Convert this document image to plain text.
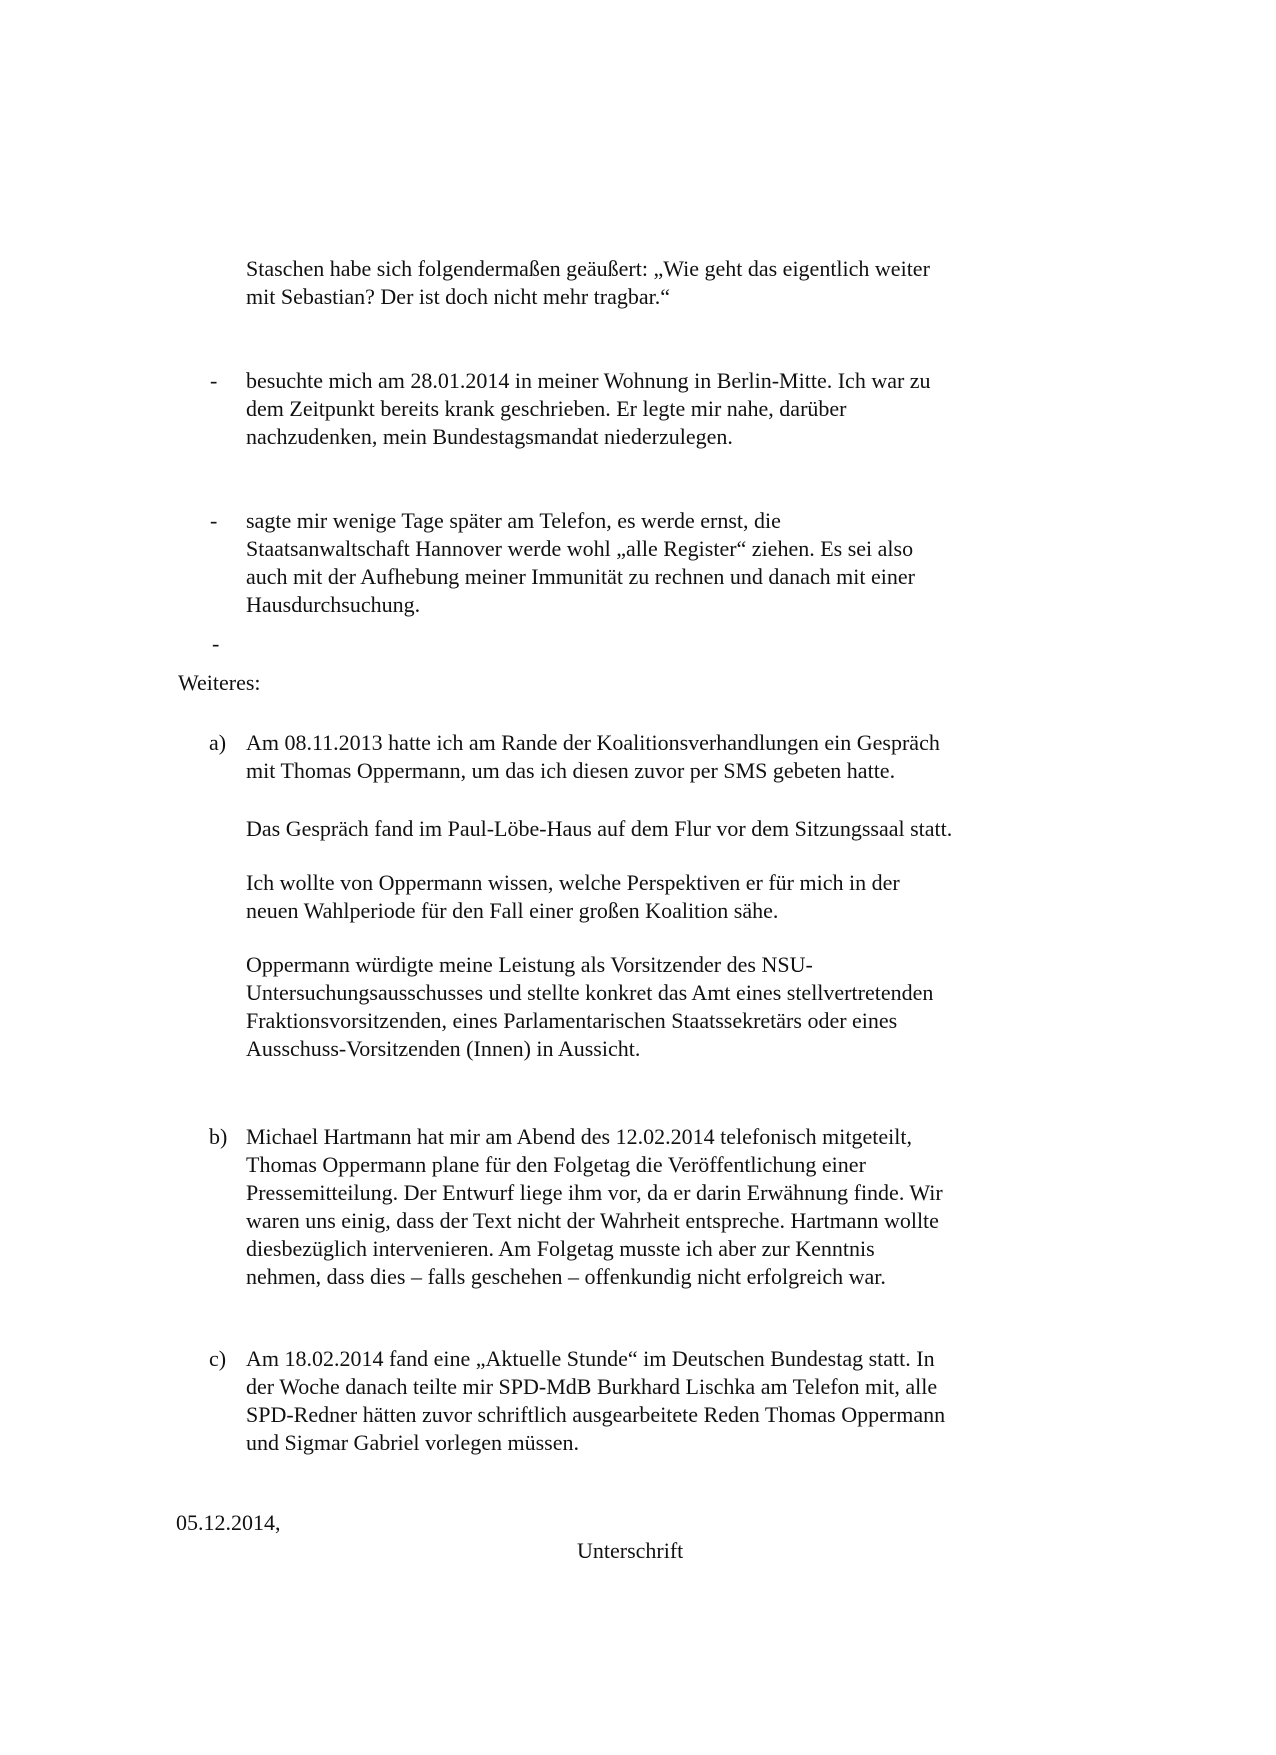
Staschen habe sich folgendermaßen geäußert: „Wie geht das eigentlich weiter
mit Sebastian? Der ist doch nicht mehr tragbar.“
- besuchte mich am 28.01.2014 in meiner Wohnung in Berlin-Mitte. Ich war zu
dem Zeitpunkt bereits krank geschrieben. Er legte mir nahe, darüber
nachzudenken, mein Bundestagsmandat niederzulegen.
- sagte mir wenige Tage später am Telefon, es werde ernst, die
Staatsanwaltschaft Hannover werde wohl „alle Register“ ziehen. Es sei also
auch mit der Aufhebung meiner Immunität zu rechnen und danach mit einer
Hausdurchsuchung.
-
Weiteres:
a) Am 08.11.2013 hatte ich am Rande der Koalitionsverhandlungen ein Gespräch
mit Thomas Oppermann, um das ich diesen zuvor per SMS gebeten hatte.
Das Gespräch fand im Paul-Löbe-Haus auf dem Flur vor dem Sitzungssaal statt.
Ich wollte von Oppermann wissen, welche Perspektiven er für mich in der
neuen Wahlperiode für den Fall einer großen Koalition sähe.
Oppermann würdigte meine Leistung als Vorsitzender des NSU-
Untersuchungsausschusses und stellte konkret das Amt eines stellvertretenden
Fraktionsvorsitzenden, eines Parlamentarischen Staatssekretärs oder eines
Ausschuss-Vorsitzenden (Innen) in Aussicht.
b) Michael Hartmann hat mir am Abend des 12.02.2014 telefonisch mitgeteilt,
Thomas Oppermann plane für den Folgetag die Veröffentlichung einer
Pressemitteilung. Der Entwurf liege ihm vor, da er darin Erwähnung finde. Wir
waren uns einig, dass der Text nicht der Wahrheit entspreche. Hartmann wollte
diesbezüglich intervenieren. Am Folgetag musste ich aber zur Kenntnis
nehmen, dass dies – falls geschehen – offenkundig nicht erfolgreich war.
c) Am 18.02.2014 fand eine „Aktuelle Stunde“ im Deutschen Bundestag statt. In
der Woche danach teilte mir SPD-MdB Burkhard Lischka am Telefon mit, alle
SPD-Redner hätten zuvor schriftlich ausgearbeitete Reden Thomas Oppermann
und Sigmar Gabriel vorlegen müssen.
05.12.2014,
Unterschrift
